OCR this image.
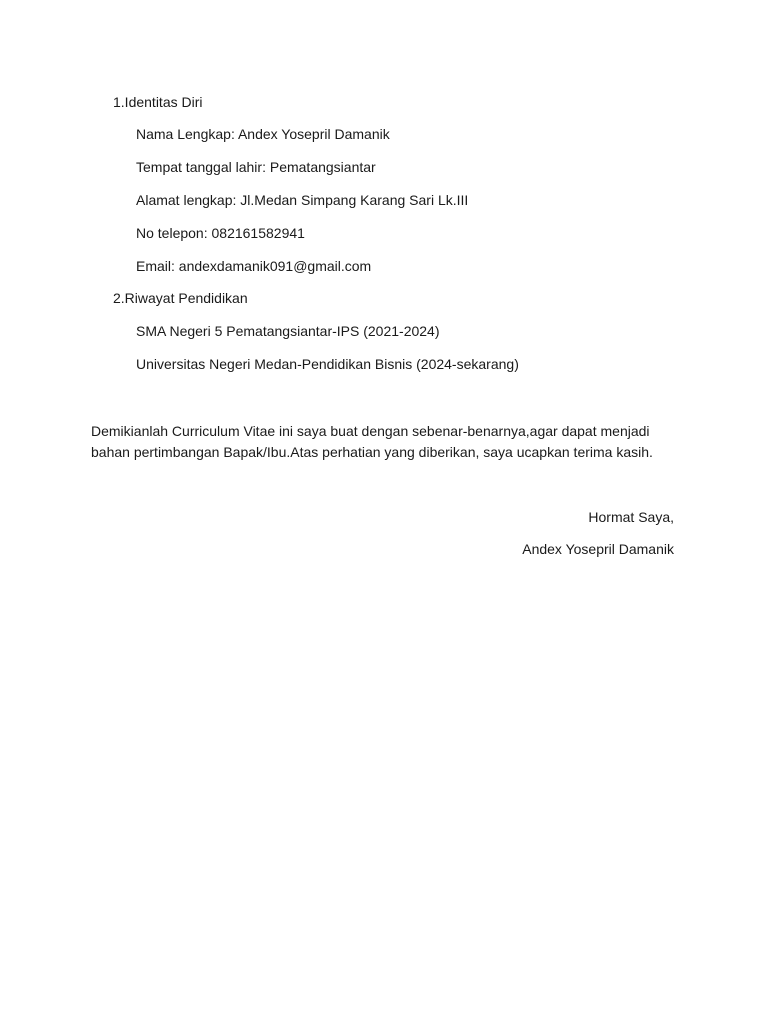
1.Identitas Diri
Nama Lengkap: Andex Yosepril Damanik
Tempat tanggal lahir: Pematangsiantar
Alamat lengkap: Jl.Medan Simpang Karang Sari Lk.III
No telepon: 082161582941
Email: andexdamanik091@gmail.com
2.Riwayat Pendidikan
SMA Negeri 5 Pematangsiantar-IPS (2021-2024)
Universitas Negeri Medan-Pendidikan Bisnis (2024-sekarang)
Demikianlah Curriculum Vitae ini saya buat dengan sebenar-benarnya,agar dapat menjadi bahan pertimbangan Bapak/Ibu.Atas perhatian yang diberikan, saya ucapkan terima kasih.
Hormat Saya,
Andex Yosepril Damanik
